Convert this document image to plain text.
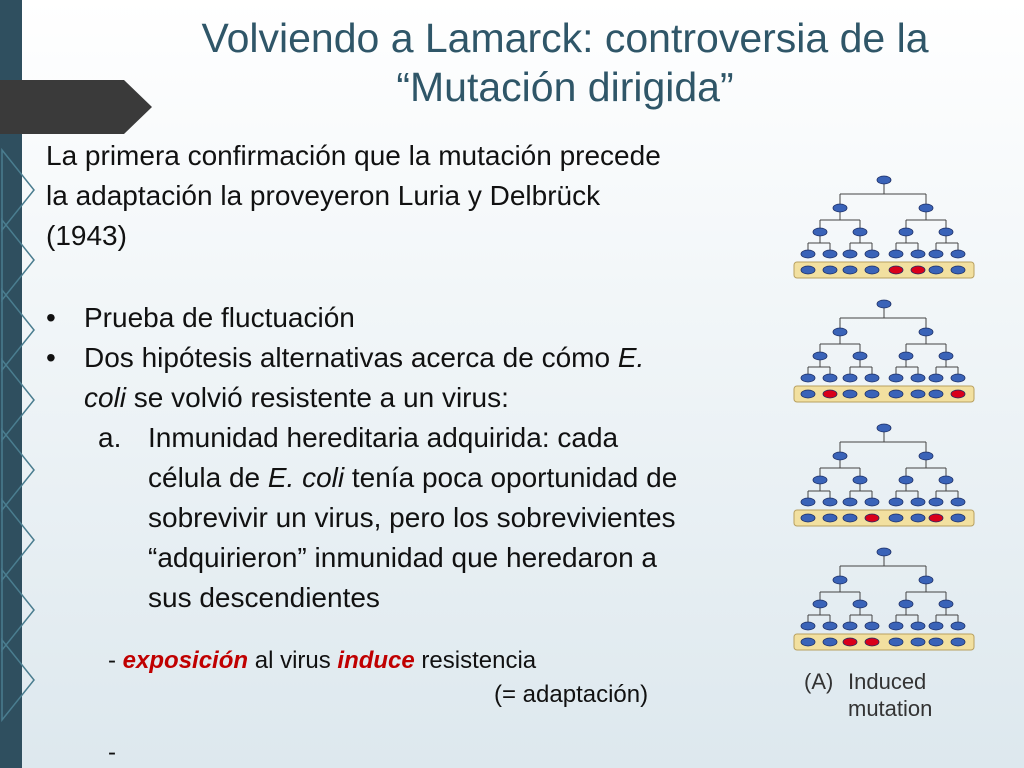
Volviendo a Lamarck: controversia de la
“Mutación dirigida”
La primera confirmación que la mutación precede
la adaptación la proveyeron Luria y Delbrück
(1943)
• Prueba de fluctuación
• Dos hipótesis alternativas acerca de cómo E.
coli se volvió resistente a un virus:
a. Inmunidad hereditaria adquirida: cada
célula de E. coli tenía poca oportunidad de
sobrevivir un virus, pero los sobrevivientes
“adquirieron” inmunidad que heredaron a
sus descendientes
- exposición al virus induce resistencia
(= adaptación)
-
(A) Induced
mutation
